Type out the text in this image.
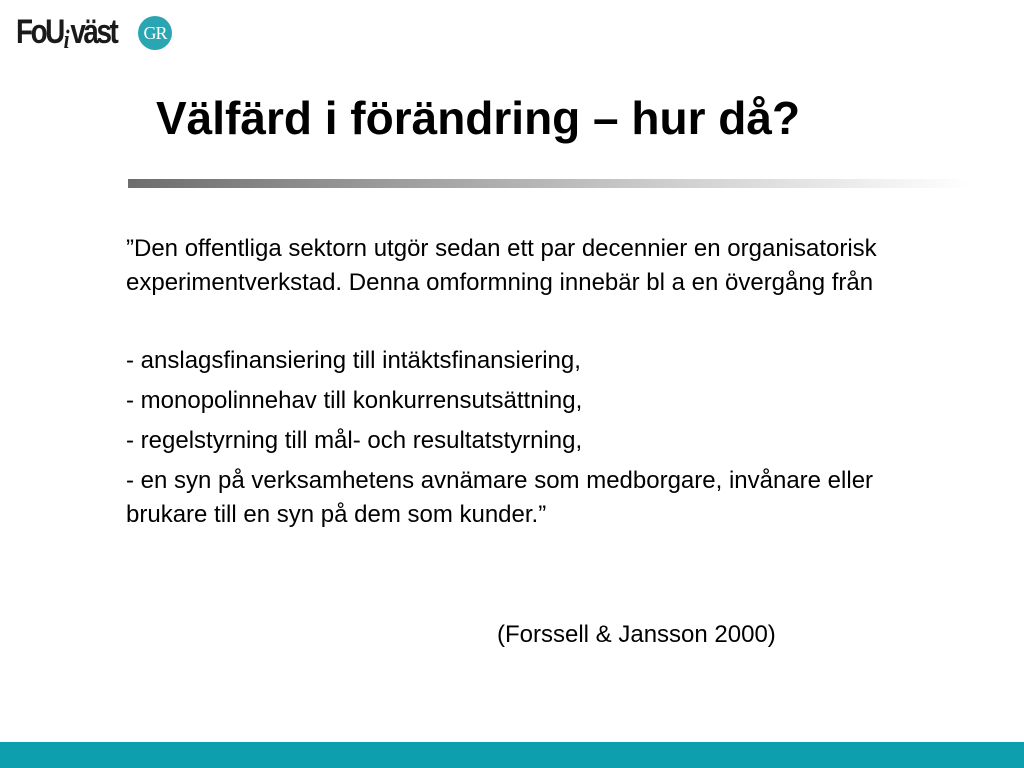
FoUiväst	GR
Välfärd i förändring – hur då?

”Den offentliga sektorn utgör sedan ett par decennier en organisatorisk experimentverkstad. Denna omformning innebär bl a en övergång från

- anslagsfinansiering till intäktsfinansiering,

- monopolinnehav till konkurrensutsättning,

- regelstyrning till mål- och resultatstyrning,

- en syn på verksamhetens avnämare som medborgare, invånare eller brukare till en syn på dem som kunder.”

(Forssell & Jansson 2000)
